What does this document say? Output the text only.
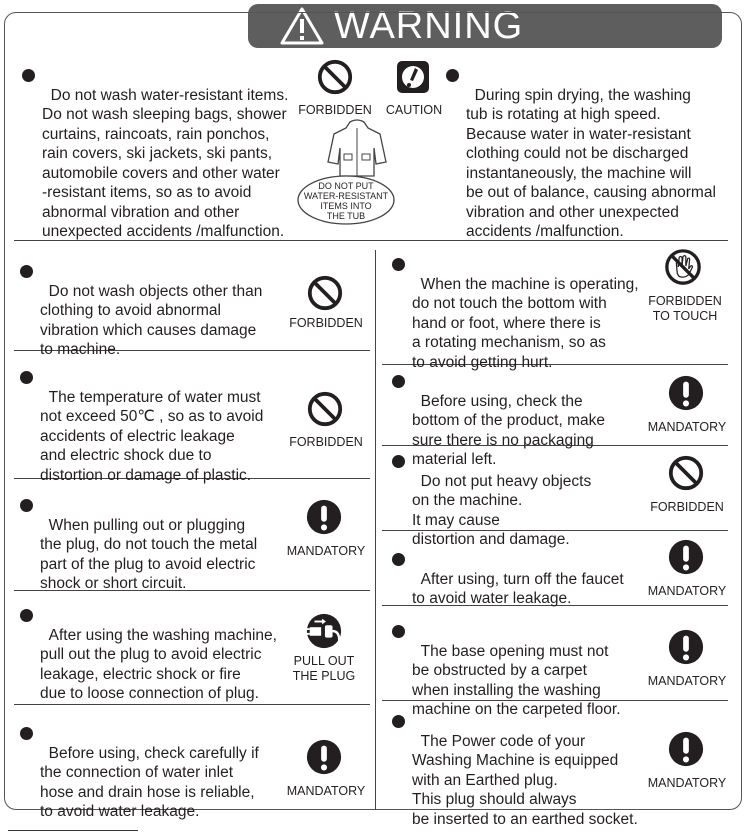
WARNING

Do not wash water-resistant items.
Do not wash sleeping bags, shower
curtains, raincoats, rain ponchos,
rain covers, ski jackets, ski pants,
automobile covers and other water
-resistant items, so as to avoid
abnormal vibration and other
unexpected accidents /malfunction.

FORBIDDEN
DO NOT PUT
WATER-RESISTANT
ITEMS INTO
THE TUB
CAUTION

During spin drying, the washing
tub is rotating at high speed.
Because water in water-resistant
clothing could not be discharged
instantaneously, the machine will
be out of balance, causing abnormal
vibration and other unexpected
accidents /malfunction.

Do not wash objects other than
clothing to avoid abnormal
vibration which causes damage
to machine.

FORBIDDEN

The temperature of water must
not exceed 50℃ , so as to avoid
accidents of electric leakage
and electric shock due to
distortion or damage of plastic.

FORBIDDEN

When pulling out or plugging
the plug, do not touch the metal
part of the plug to avoid electric
shock or short circuit.

MANDATORY

After using the washing machine,
pull out the plug to avoid electric
leakage, electric shock or fire
due to loose connection of plug.

PULL OUT
THE PLUG

Before using, check carefully if
the connection of water inlet
hose and drain hose is reliable,
to avoid water leakage.

MANDATORY

When the machine is operating,
do not touch the bottom with
hand or foot, where there is
a rotating mechanism, so as
to avoid getting hurt.

FORBIDDEN
TO TOUCH

Before using, check the
bottom of the product, make
sure there is no packaging
material left.

MANDATORY

Do not put heavy objects
on the machine.
It may cause
distortion and damage.

FORBIDDEN

After using, turn off the faucet
to avoid water leakage.	MANDATORY

The base opening must not
be obstructed by a carpet
when installing the washing
machine on the carpeted floor.

MANDATORY

The Power code of your
Washing Machine is equipped
with an Earthed plug.
This plug should always
be inserted to an earthed socket.

MANDATORY
